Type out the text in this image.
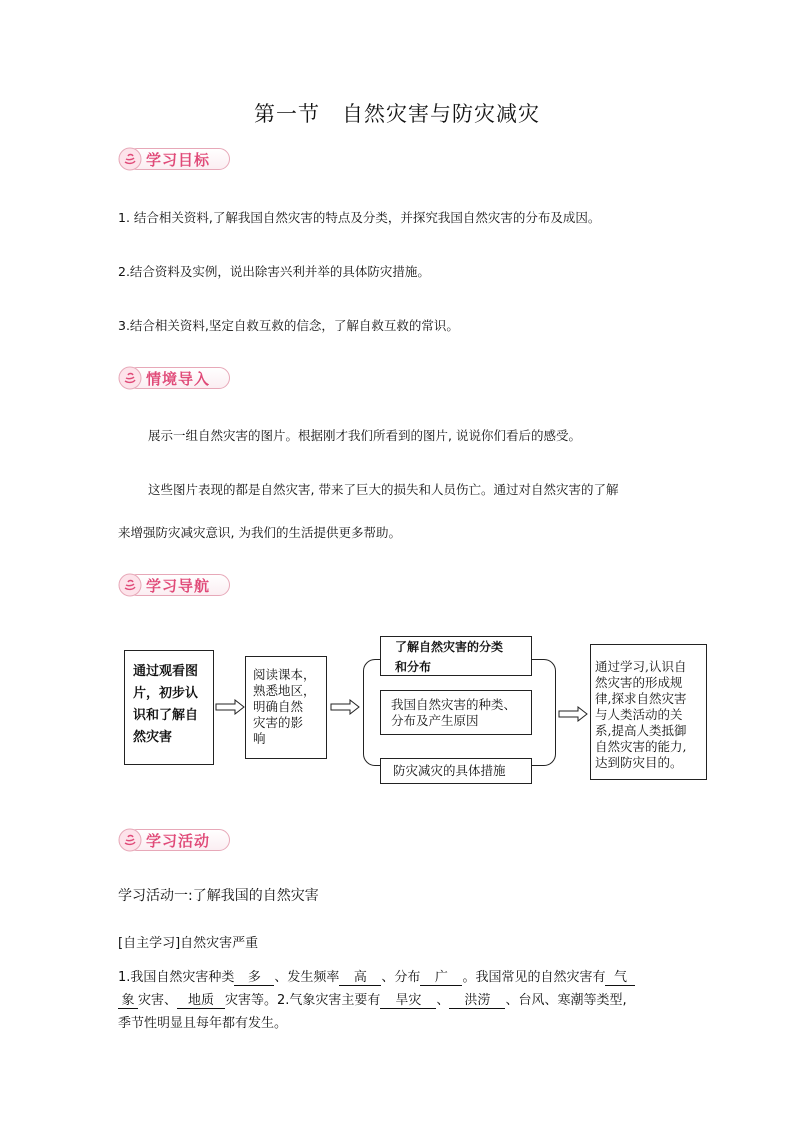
第一节　自然灾害与防灾减灾
学习目标
1. 结合相关资料,了解我国自然灾害的特点及分类，并探究我国自然灾害的分布及成因。
2.结合资料及实例，说出除害兴利并举的具体防灾措施。
3.结合相关资料,坚定自救互救的信念，了解自救互救的常识。
情境导入
展示一组自然灾害的图片。根据刚才我们所看到的图片, 说说你们看后的感受。
这些图片表现的都是自然灾害, 带来了巨大的损失和人员伤亡。通过对自然灾害的了解
来增强防灾减灾意识, 为我们的生活提供更多帮助。
学习导航
通过观看图
片，初步认
识和了解自
然灾害
阅读课本，
熟悉地区，
明确自然
灾害的影
响
了解自然灾害的分类
和分布
我国自然灾害的种类、
分布及产生原因
防灾减灾的具体措施
通过学习,认识自
然灾害的形成规
律,探求自然灾害
与人类活动的关
系,提高人类抵御
自然灾害的能力,
达到防灾目的。
学习活动
学习活动一:了解我国的自然灾害
[自主学习]自然灾害严重
1.我国自然灾害种类 多 、发生频率 高 、分布 广 。我国常见的自然灾害有 气
象 灾害、 地质 灾害等。2.气象灾害主要有 旱灾 、 洪涝 、台风、寒潮等类型,
季节性明显且每年都有发生。
